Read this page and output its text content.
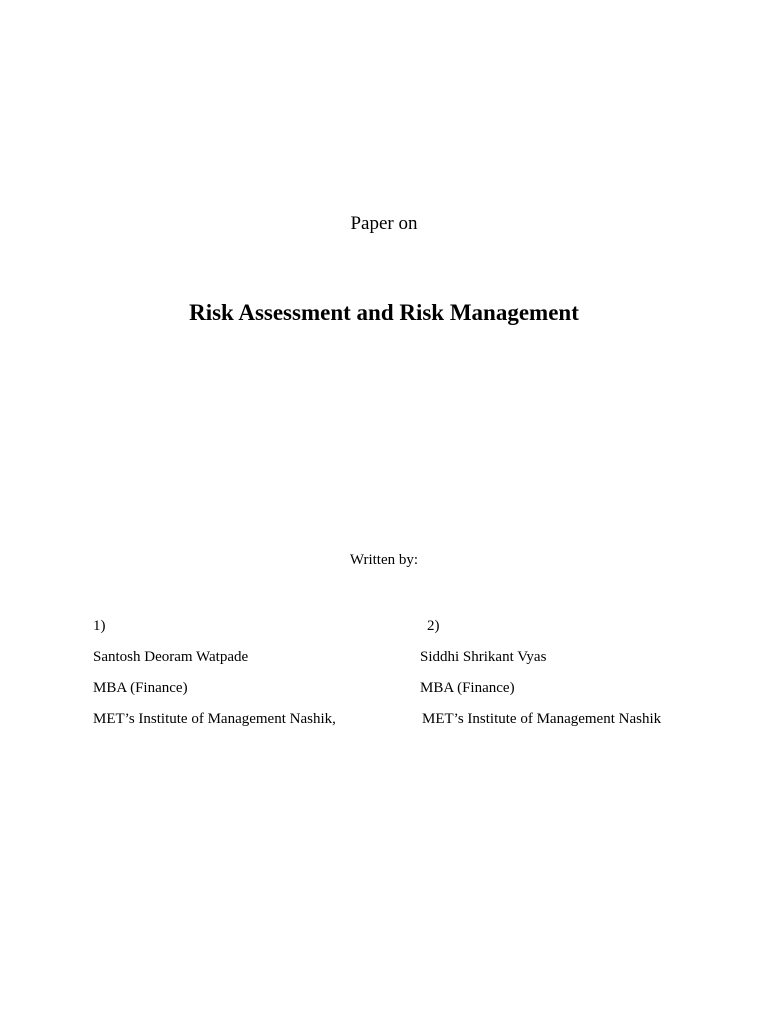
Paper on
Risk Assessment and Risk Management
Written by:
1)
Santosh Deoram Watpade
MBA (Finance)
MET’s Institute of Management Nashik,
2)
Siddhi Shrikant Vyas
MBA (Finance)
MET’s Institute of Management Nashik
